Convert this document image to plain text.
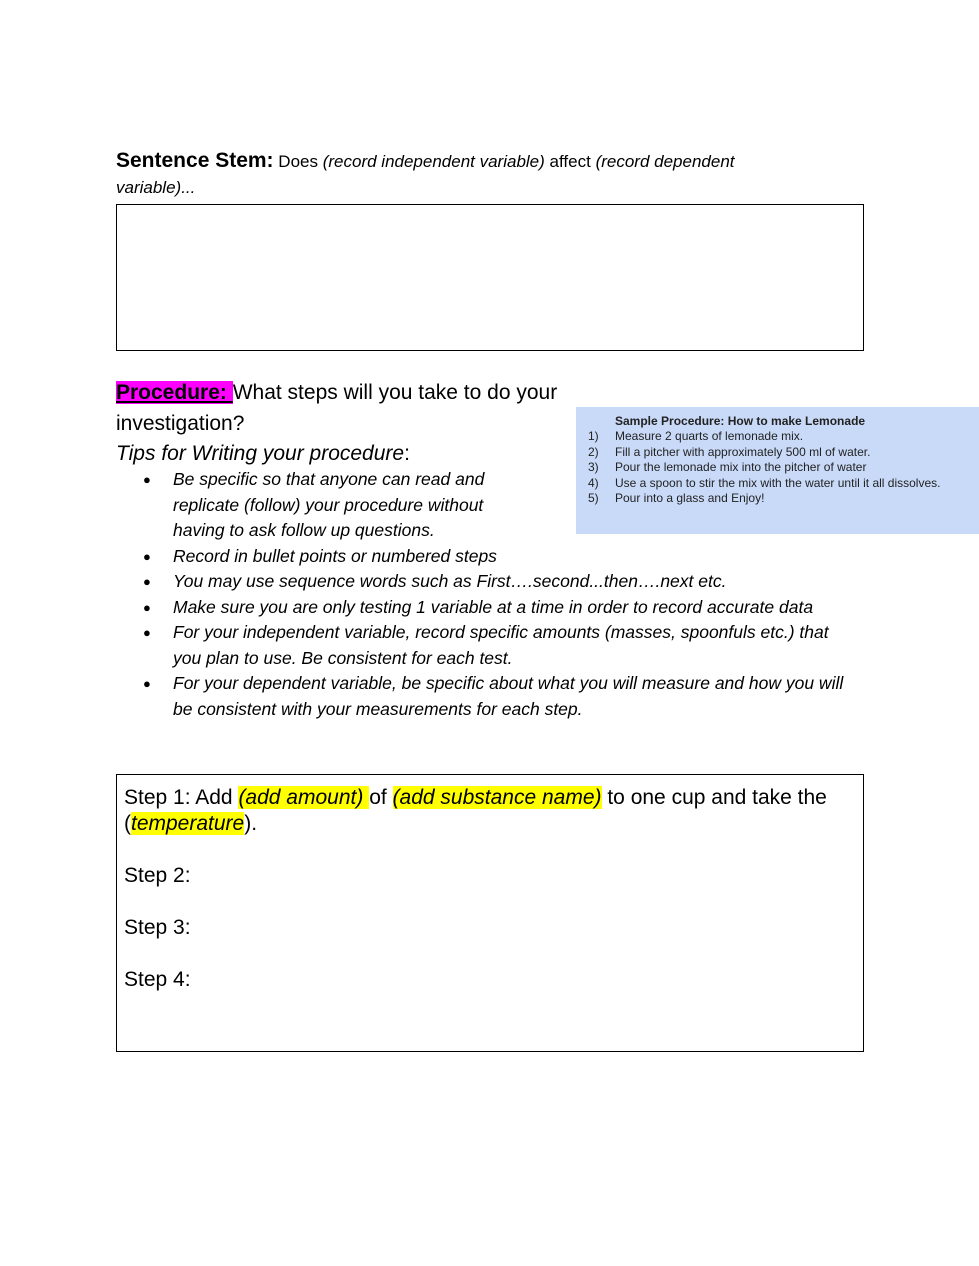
Sentence Stem: Does (record independent variable) affect (record dependent variable)...
Procedure: What steps will you take to do your investigation?
Tips for Writing your procedure:
● Be specific so that anyone can read and replicate (follow) your procedure without having to ask follow up questions.
● Record in bullet points or numbered steps
● You may use sequence words such as First….second...then….next etc.
● Make sure you are only testing 1 variable at a time in order to record accurate data
● For your independent variable, record specific amounts (masses, spoonfuls etc.) that you plan to use. Be consistent for each test.
● For your dependent variable, be specific about what you will measure and how you will be consistent with your measurements for each step.
Sample Procedure: How to make Lemonade
1) Measure 2 quarts of lemonade mix.
2) Fill a pitcher with approximately 500 ml of water.
3) Pour the lemonade mix into the pitcher of water
4) Use a spoon to stir the mix with the water until it all dissolves.
5) Pour into a glass and Enjoy!

Step 1: Add (add amount) of (add substance name) to one cup and take the (temperature).

Step 2:

Step 3:

Step 4:
